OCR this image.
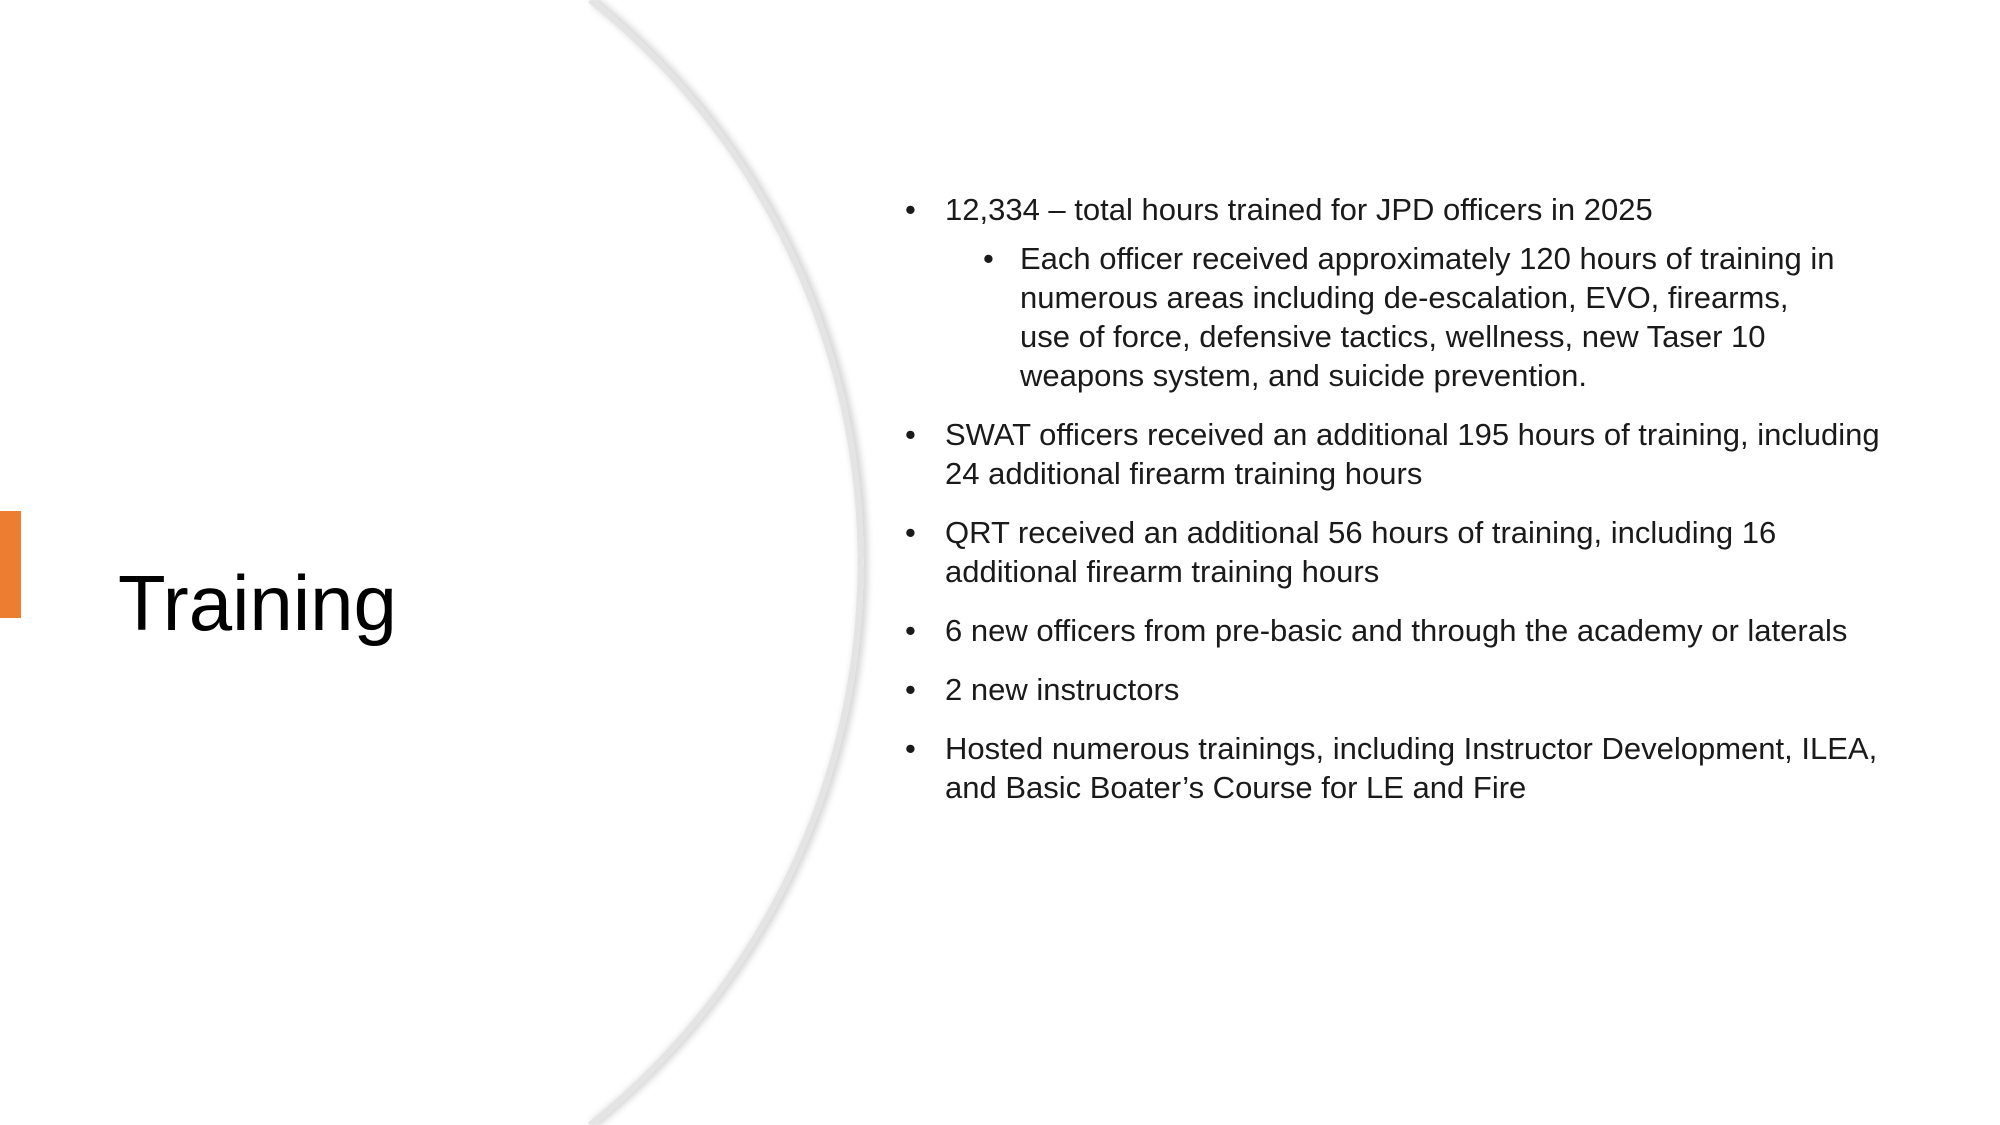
Training
• 12,334 – total hours trained for JPD officers in 2025
• Each officer received approximately 120 hours of training in numerous areas including de-escalation, EVO, firearms, use of force, defensive tactics, wellness, new Taser 10 weapons system, and suicide prevention.
• SWAT officers received an additional 195 hours of training, including 24 additional firearm training hours
• QRT received an additional 56 hours of training, including 16 additional firearm training hours
• 6 new officers from pre-basic and through the academy or laterals
• 2 new instructors
• Hosted numerous trainings, including Instructor Development, ILEA, and Basic Boater’s Course for LE and Fire
